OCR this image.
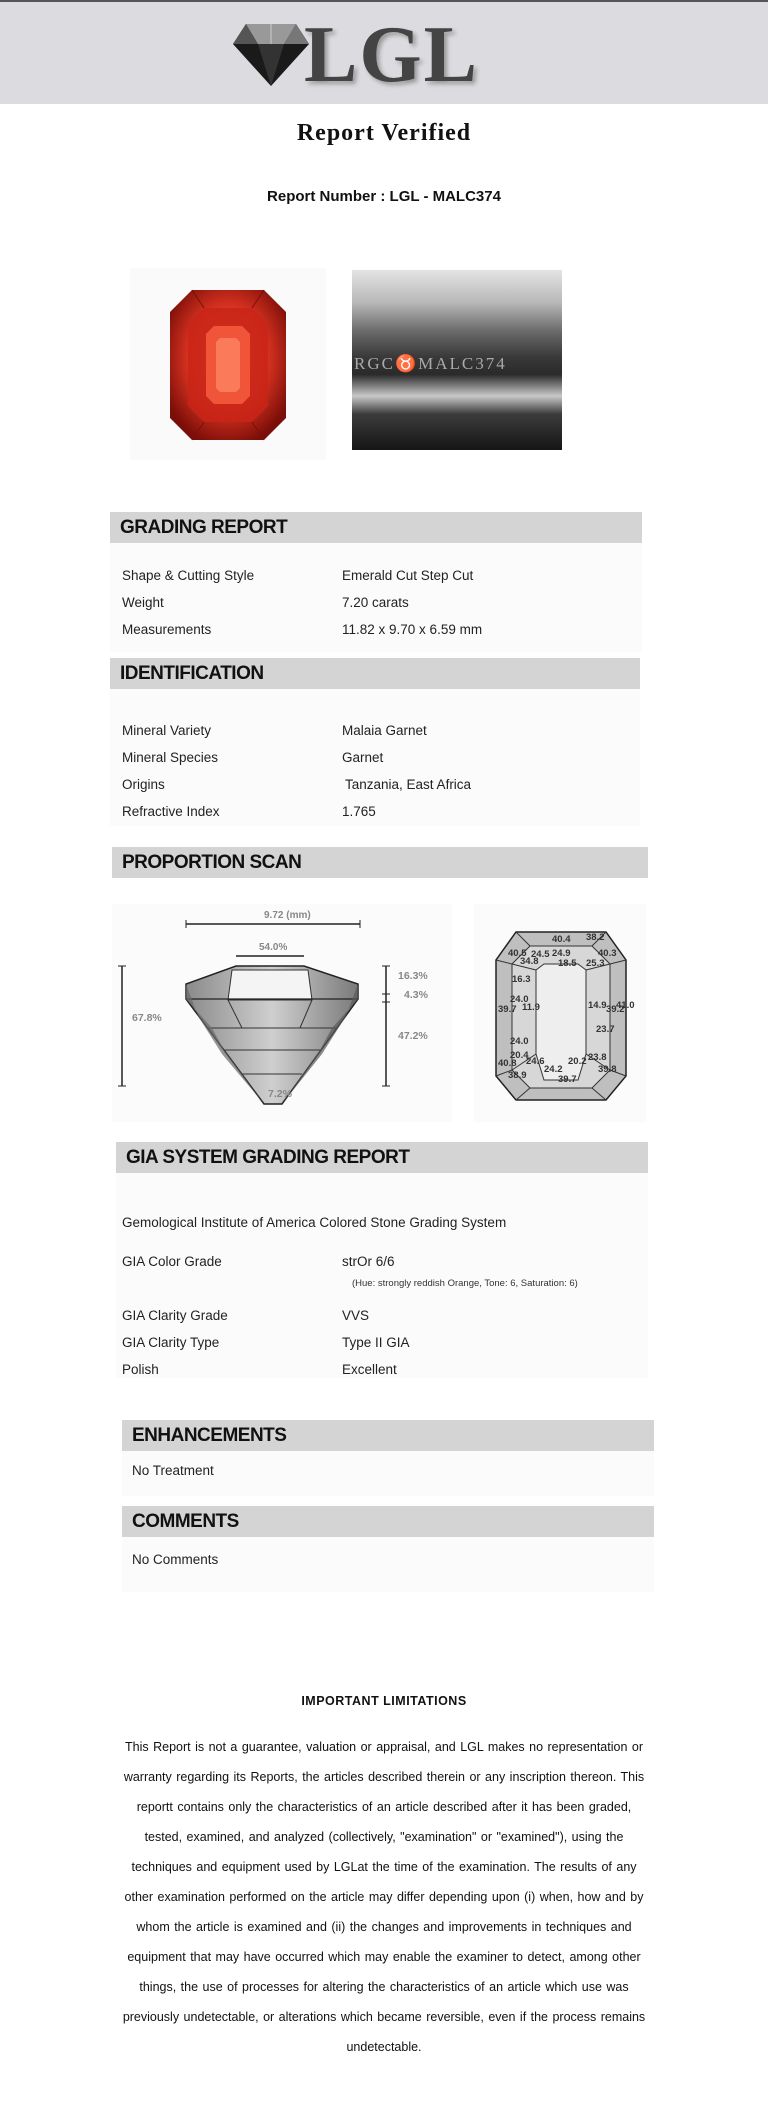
LGL
Report Verified
Report Number : LGL - MALC374
RGC♉MALC374
GRADING REPORT
Shape & Cutting Style	Emerald Cut Step Cut
Weight	7.20 carats
Measurements	11.82 x 9.70 x 6.59 mm
IDENTIFICATION
Mineral Variety	Malaia Garnet
Mineral Species	Garnet
Origins	Tanzania, East Africa
Refractive Index	1.765
PROPORTION SCAN
9.72 (mm)
54.0%
16.3%
4.3%
47.2%
67.8%
7.2%
40.4 38.2
40.5	40.3
24.5 24.9
34.8 18.5 25.3
16.3
24.0
39.7 11.9	14.9 39.2
41.0
23.7
24.0
20.4
40.8 24.6 20.2 23.8
38.9
24.2
39.7
39.8
GIA SYSTEM GRADING REPORT
Gemological Institute of America Colored Stone Grading System
GIA Color Grade	strOr 6/6
(Hue: strongly reddish Orange, Tone: 6, Saturation: 6)
GIA Clarity Grade	VVS
GIA Clarity Type	Type II GIA
Polish	Excellent
ENHANCEMENTS
No Treatment
COMMENTS
No Comments
IMPORTANT LIMITATIONS
This Report is not a guarantee, valuation or appraisal, and LGL makes no representation or warranty regarding its Reports, the articles described therein or any inscription thereon. This reportt contains only the characteristics of an article described after it has been graded, tested, examined, and analyzed (collectively, "examination" or "examined"), using the techniques and equipment used by LGLat the time of the examination. The results of any other examination performed on the article may differ depending upon (i) when, how and by whom the article is examined and (ii) the changes and improvements in techniques and equipment that may have occurred which may enable the examiner to detect, among other things, the use of processes for altering the characteristics of an article which use was previously undetectable, or alterations which became reversible, even if the process remains undetectable.
